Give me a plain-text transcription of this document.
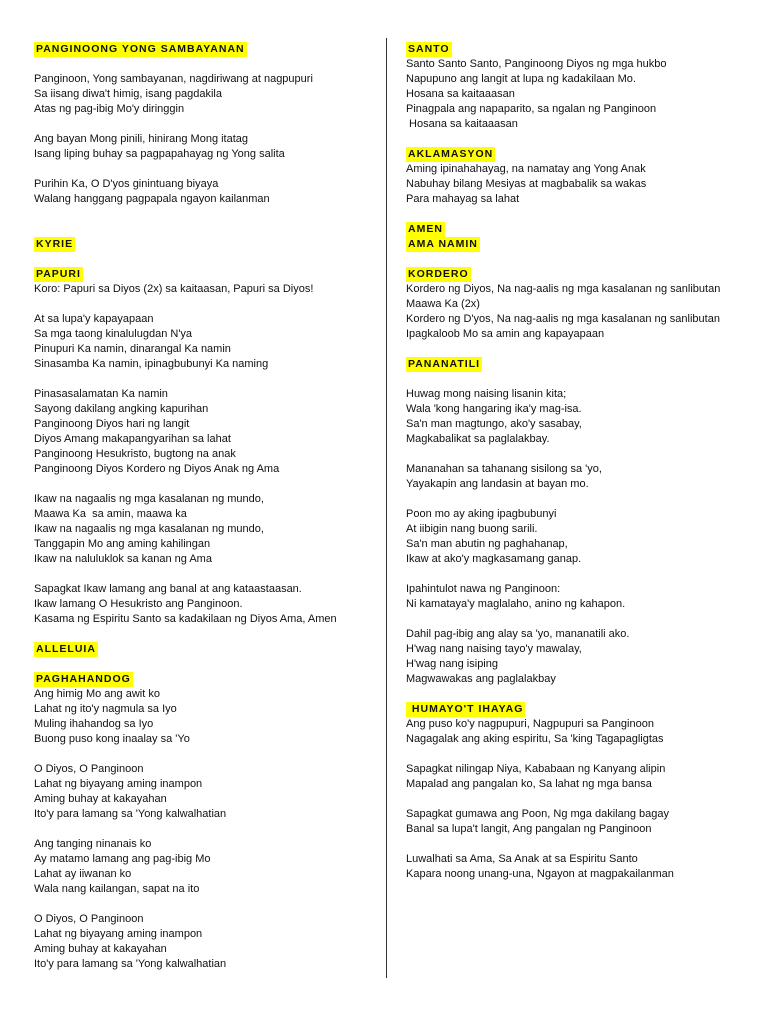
PANGINOONG YONG SAMBAYANAN
Panginoon, Yong sambayanan, nagdiriwang at nagpupuri
Sa iisang diwa't himig, isang pagdakila
Atas ng pag-ibig Mo'y diringgin
Ang bayan Mong pinili, hinirang Mong itatag
Isang liping buhay sa pagpapahayag ng Yong salita
Purihin Ka, O D'yos ginintuang biyaya
Walang hanggang pagpapala ngayon kailanman
KYRIE
PAPURI
Koro: Papuri sa Diyos (2x) sa kaitaasan, Papuri sa Diyos!
At sa lupa'y kapayapaan
Sa mga taong kinalulugdan N'ya
Pinupuri Ka namin, dinarangal Ka namin
Sinasamba Ka namin, ipinagbubunyi Ka naming
Pinasasalamatan Ka namin
Sayong dakilang angking kapurihan
Panginoong Diyos hari ng langit
Diyos Amang makapangyarihan sa lahat
Panginoong Hesukristo, bugtong na anak
Panginoong Diyos Kordero ng Diyos Anak ng Ama
Ikaw na nagaalis ng mga kasalanan ng mundo,
Maawa Ka  sa amin, maawa ka
Ikaw na nagaalis ng mga kasalanan ng mundo,
Tanggapin Mo ang aming kahilingan
Ikaw na naluluklok sa kanan ng Ama
Sapagkat Ikaw lamang ang banal at ang kataastaasan.
Ikaw lamang O Hesukristo ang Panginoon.
Kasama ng Espiritu Santo sa kadakilaan ng Diyos Ama, Amen
ALLELUIA
PAGHAHANDOG
Ang himig Mo ang awit ko
Lahat ng ito'y nagmula sa Iyo
Muling ihahandog sa Iyo
Buong puso kong inaalay sa 'Yo
O Diyos, O Panginoon
Lahat ng biyayang aming inampon
Aming buhay at kakayahan
Ito'y para lamang sa 'Yong kalwalhatian
Ang tanging ninanais ko
Ay matamo lamang ang pag-ibig Mo
Lahat ay iiwanan ko
Wala nang kailangan, sapat na ito
O Diyos, O Panginoon
Lahat ng biyayang aming inampon
Aming buhay at kakayahan
Ito'y para lamang sa 'Yong kalwalhatian
SANTO
Santo Santo Santo, Panginoong Diyos ng mga hukbo
Napupuno ang langit at lupa ng kadakilaan Mo.
Hosana sa kaitaaasan
Pinagpala ang napaparito, sa ngalan ng Panginoon
Hosana sa kaitaaasan
AKLAMASYON
Aming ipinahahayag, na namatay ang Yong Anak
Nabuhay bilang Mesiyas at magbabalik sa wakas
Para mahayag sa lahat
AMEN
AMA NAMIN
KORDERO
Kordero ng Diyos, Na nag-aalis ng mga kasalanan ng sanlibutan
Maawa Ka (2x)
Kordero ng D'yos, Na nag-aalis ng mga kasalanan ng sanlibutan
Ipagkaloob Mo sa amin ang kapayapaan
PANANATILI
Huwag mong naising lisanin kita;
Wala 'kong hangaring ika'y mag-isa.
Sa'n man magtungo, ako'y sasabay,
Magkabalikat sa paglalakbay.
Mananahan sa tahanang sisilong sa 'yo,
Yayakapin ang landasin at bayan mo.
Poon mo ay aking ipagbubunyi
At iibigin nang buong sarili.
Sa'n man abutin ng paghahanap,
Ikaw at ako'y magkasamang ganap.
Ipahintulot nawa ng Panginoon:
Ni kamataya'y maglalaho, anino ng kahapon.
Dahil pag-ibig ang alay sa 'yo, mananatili ako.
H'wag nang naising tayo'y mawalay,
H'wag nang isiping
Magwawakas ang paglalakbay
HUMAYO'T IHAYAG
Ang puso ko'y nagpupuri, Nagpupuri sa Panginoon
Nagagalak ang aking espiritu, Sa 'king Tagapagligtas
Sapagkat nilingap Niya, Kababaan ng Kanyang alipin
Mapalad ang pangalan ko, Sa lahat ng mga bansa
Sapagkat gumawa ang Poon, Ng mga dakilang bagay
Banal sa lupa't langit, Ang pangalan ng Panginoon
Luwalhati sa Ama, Sa Anak at sa Espiritu Santo
Kapara noong unang-una, Ngayon at magpakailanman
